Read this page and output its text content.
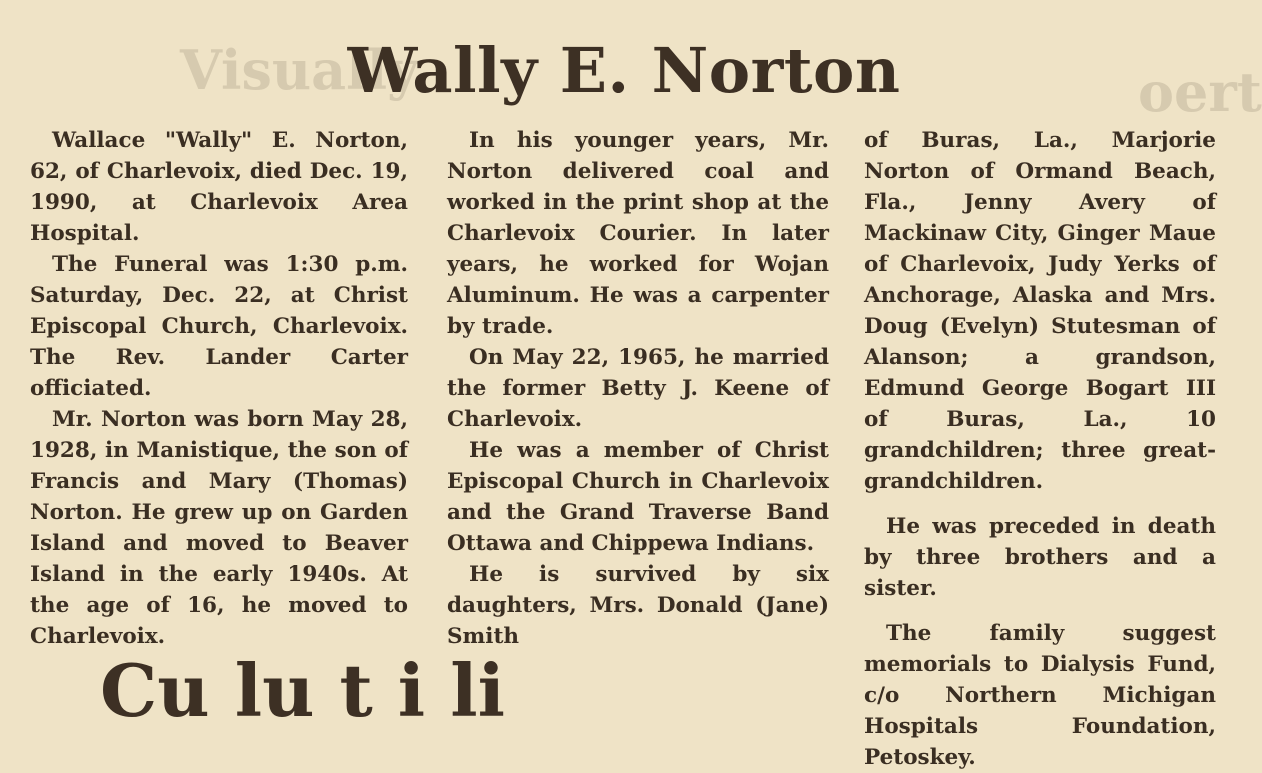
Visually	oert
Wally E. Norton

Wallace "Wally" E. Norton, 62, of Charlevoix, died Dec. 19, 1990, at Charlevoix Area Hospital.

The Funeral was 1:30 p.m. Saturday, Dec. 22, at Christ Episcopal Church, Charlevoix. The Rev. Lander Carter officiated.

Mr. Norton was born May 28, 1928, in Manistique, the son of Francis and Mary (Thomas) Norton. He grew up on Garden Island and moved to Beaver Island in the early 1940s. At the age of 16, he moved to Charlevoix.

In his younger years, Mr. Norton delivered coal and worked in the print shop at the Charlevoix Courier. In later years, he worked for Wojan Aluminum. He was a carpenter by trade.

On May 22, 1965, he married the former Betty J. Keene of Charlevoix.

He was a member of Christ Episcopal Church in Charlevoix and the Grand Traverse Band Ottawa and Chippewa Indians.

He is survived by six daughters, Mrs. Donald (Jane) Smith

of Buras, La., Marjorie Norton of Ormand Beach, Fla., Jenny Avery of Mackinaw City, Ginger Maue of Charlevoix, Judy Yerks of Anchorage, Alaska and Mrs. Doug (Evelyn) Stutesman of Alanson; a grandson, Edmund George Bogart III of Buras, La., 10 grandchildren; three great-grandchildren.

He was preceded in death by three brothers and a sister.

The family suggest memorials to Dialysis Fund, c/o Northern Michigan Hospitals Foundation, Petoskey.

Cu lu t i li
